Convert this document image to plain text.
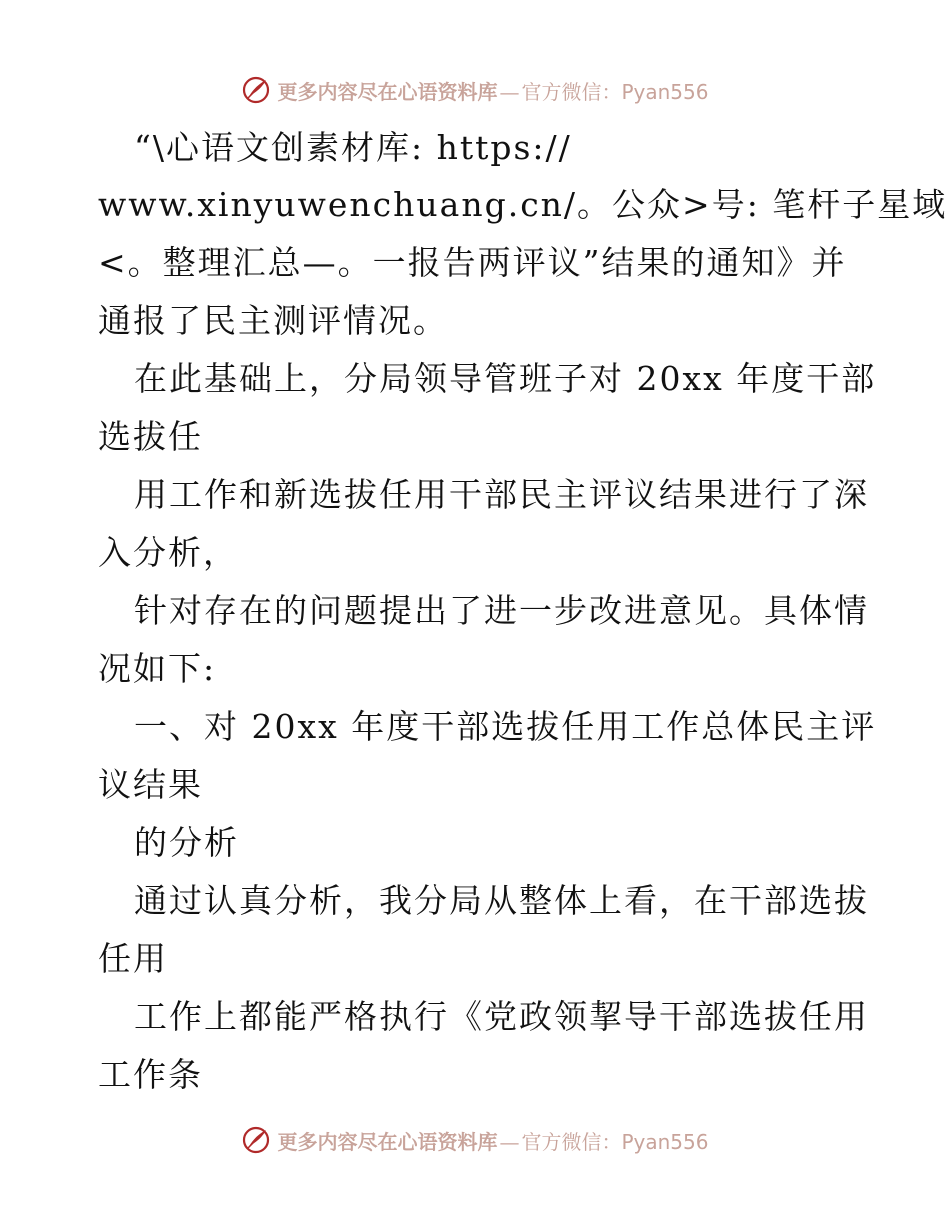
更多内容尽在心语资料库 — 官方微信：Pyan556
“\心语文创素材库: https://
www.xinyuwenchuang.cn/。公众>号: 笔杆子星域
<。整理汇总—。一报告两评议”结果的通知》并
通报了民主测评情况。
在此基础上，分局领导管班子对 20xx 年度干部
选拔任
用工作和新选拔任用干部民主评议结果进行了深
入分析，
针对存在的问题提出了进一步改进意见。具体情
况如下:
一、对 20xx 年度干部选拔任用工作总体民主评
议结果
的分析
通过认真分析，我分局从整体上看，在干部选拔
任用
工作上都能严格执行《党政领挈导干部选拔任用
工作条
更多内容尽在心语资料库 — 官方微信：Pyan556
